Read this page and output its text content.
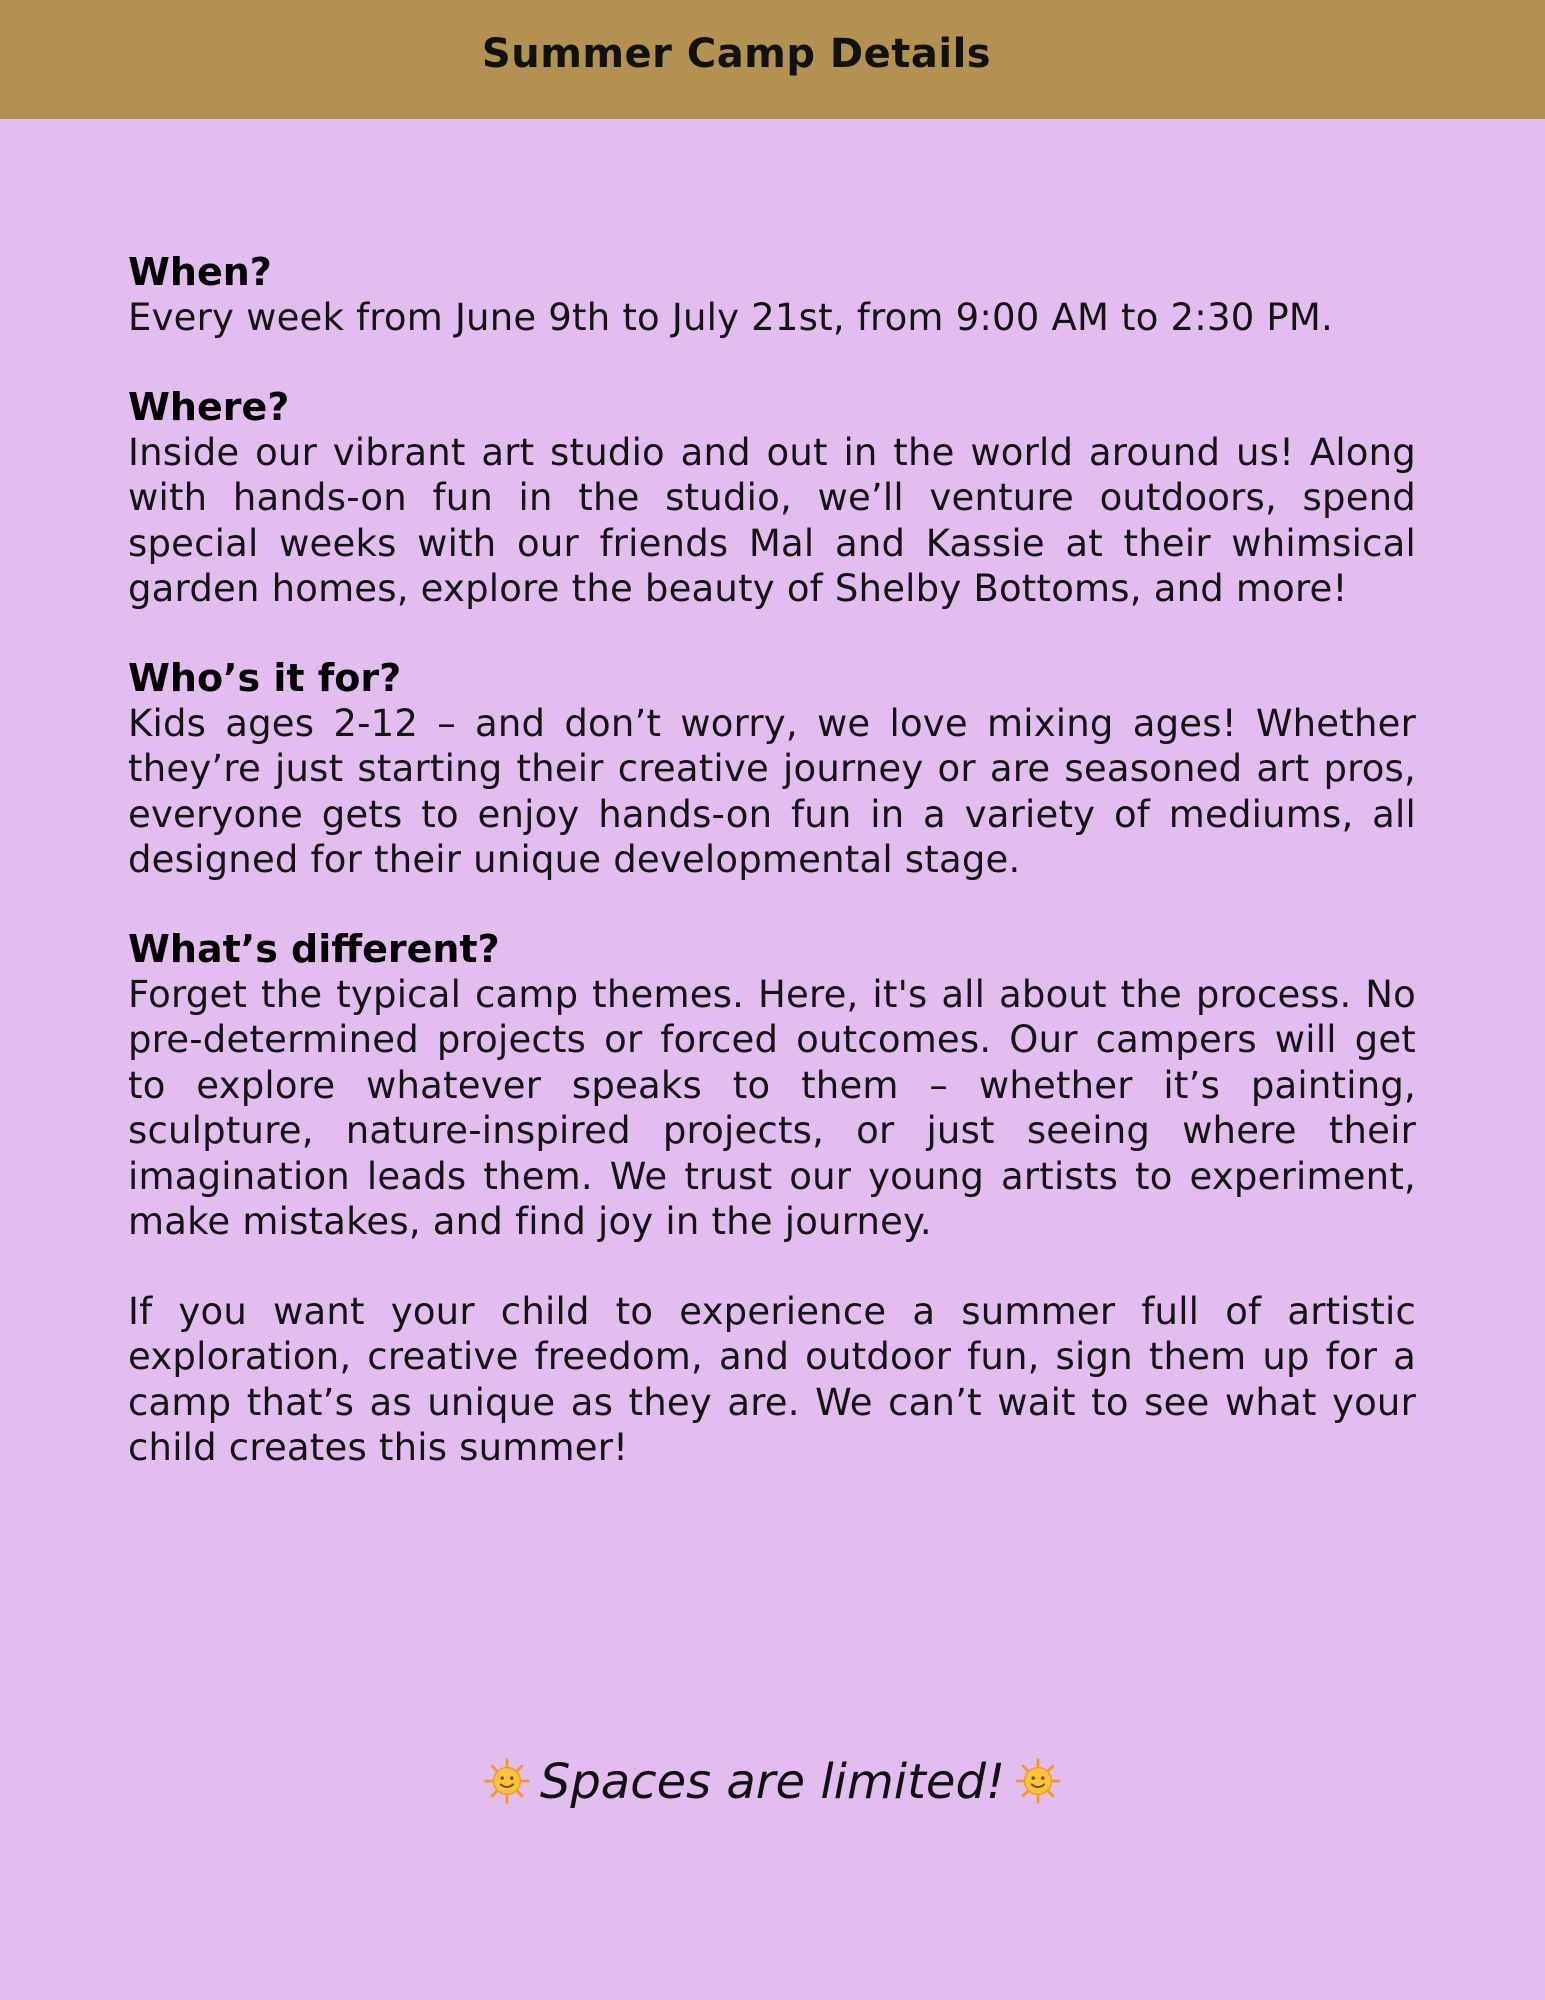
Summer Camp Details
When?

Every week from June 9th to July 21st, from 9:00 AM to 2:30 PM.

Where?

Inside our vibrant art studio and out in the world around us! Along with hands-on fun in the studio, we’ll venture outdoors, spend special weeks with our friends Mal and Kassie at their whimsical garden homes, explore the beauty of Shelby Bottoms, and more!

Who’s it for?

Kids ages 2-12 – and don’t worry, we love mixing ages! Whether they’re just starting their creative journey or are seasoned art pros, everyone gets to enjoy hands-on fun in a variety of mediums, all designed for their unique developmental stage.

What’s different?

Forget the typical camp themes. Here, it's all about the process. No pre-determined projects or forced outcomes. Our campers will get to explore whatever speaks to them – whether it’s painting, sculpture, nature-inspired projects, or just seeing where their imagination leads them. We trust our young artists to experiment, make mistakes, and find joy in the journey.

If you want your child to experience a summer full of artistic exploration, creative freedom, and outdoor fun, sign them up for a camp that’s as unique as they are. We can’t wait to see what your child creates this summer!

Spaces are limited!
